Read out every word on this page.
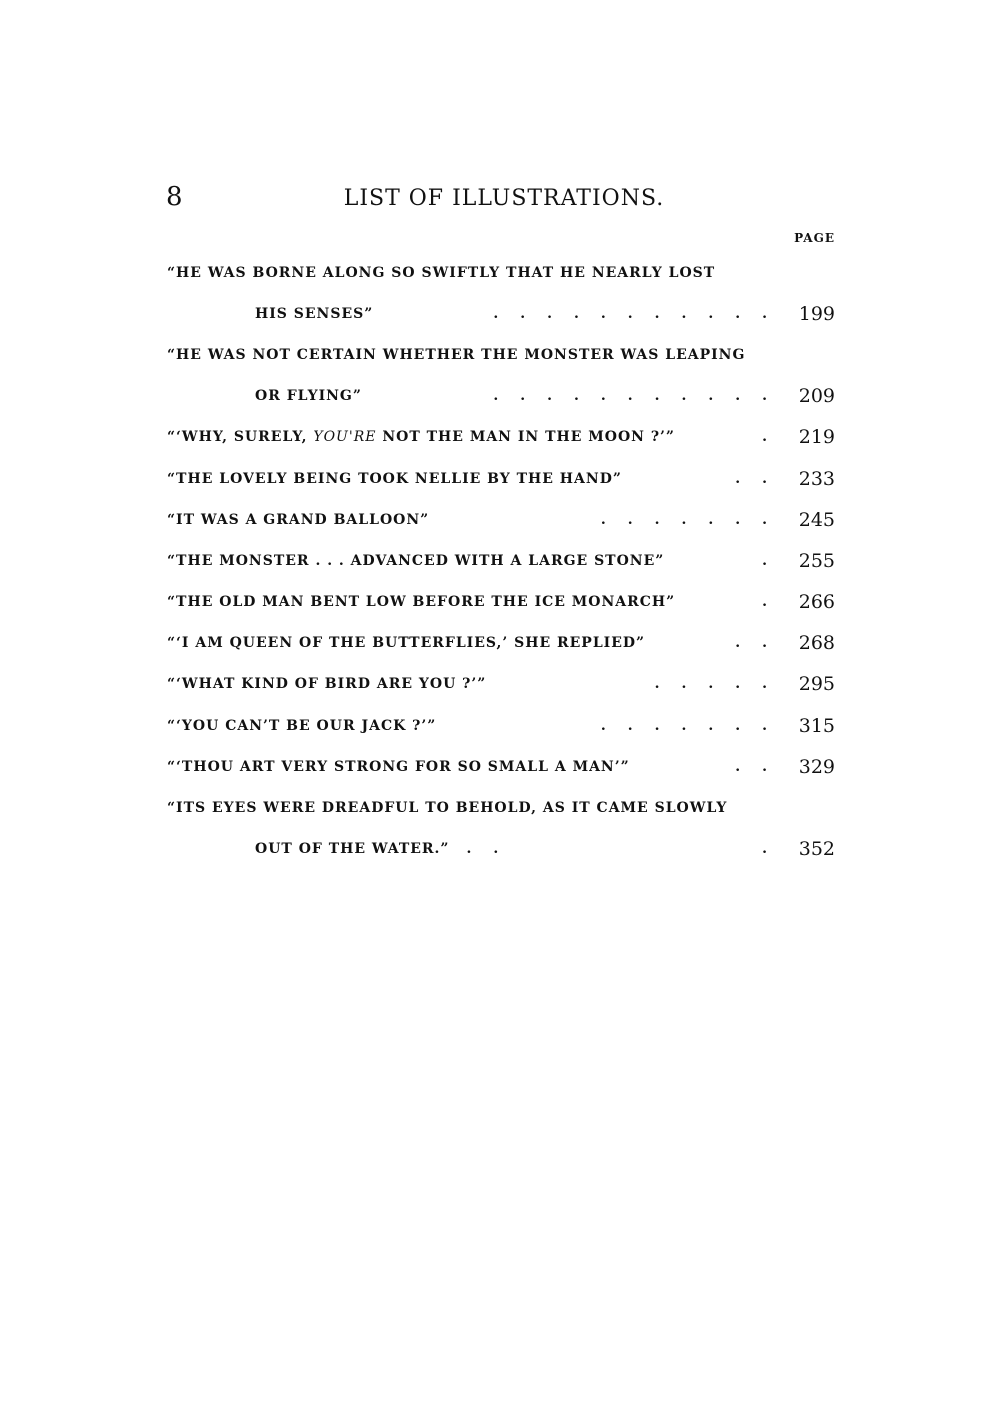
8	LIST OF ILLUSTRATIONS.
PAGE
“HE WAS BORNE ALONG SO SWIFTLY THAT HE NEARLY LOST
HIS SENSES”	........... 199
“HE WAS NOT CERTAIN WHETHER THE MONSTER WAS LEAPING
OR FLYING”	........... 209
“‘WHY, SURELY, YOU'RE NOT THE MAN IN THE MOON ?’”	. 219
“THE LOVELY BEING TOOK NELLIE BY THE HAND”	.. 233
“IT WAS A GRAND BALLOON”	....... 245
“THE MONSTER . . . ADVANCED WITH A LARGE STONE”	. 255
“THE OLD MAN BENT LOW BEFORE THE ICE MONARCH”	. 266
“‘I AM QUEEN OF THE BUTTERFLIES,’ SHE REPLIED”	.. 268
“‘WHAT KIND OF BIRD ARE YOU ?’”	..... 295
“‘YOU CAN’T BE OUR JACK ?’”	....... 315
“‘THOU ART VERY STRONG FOR SO SMALL A MAN’”	.. 329
“ITS EYES WERE DREADFUL TO BEHOLD, AS IT CAME SLOWLY
OUT OF THE WATER.”	.         .. 352
